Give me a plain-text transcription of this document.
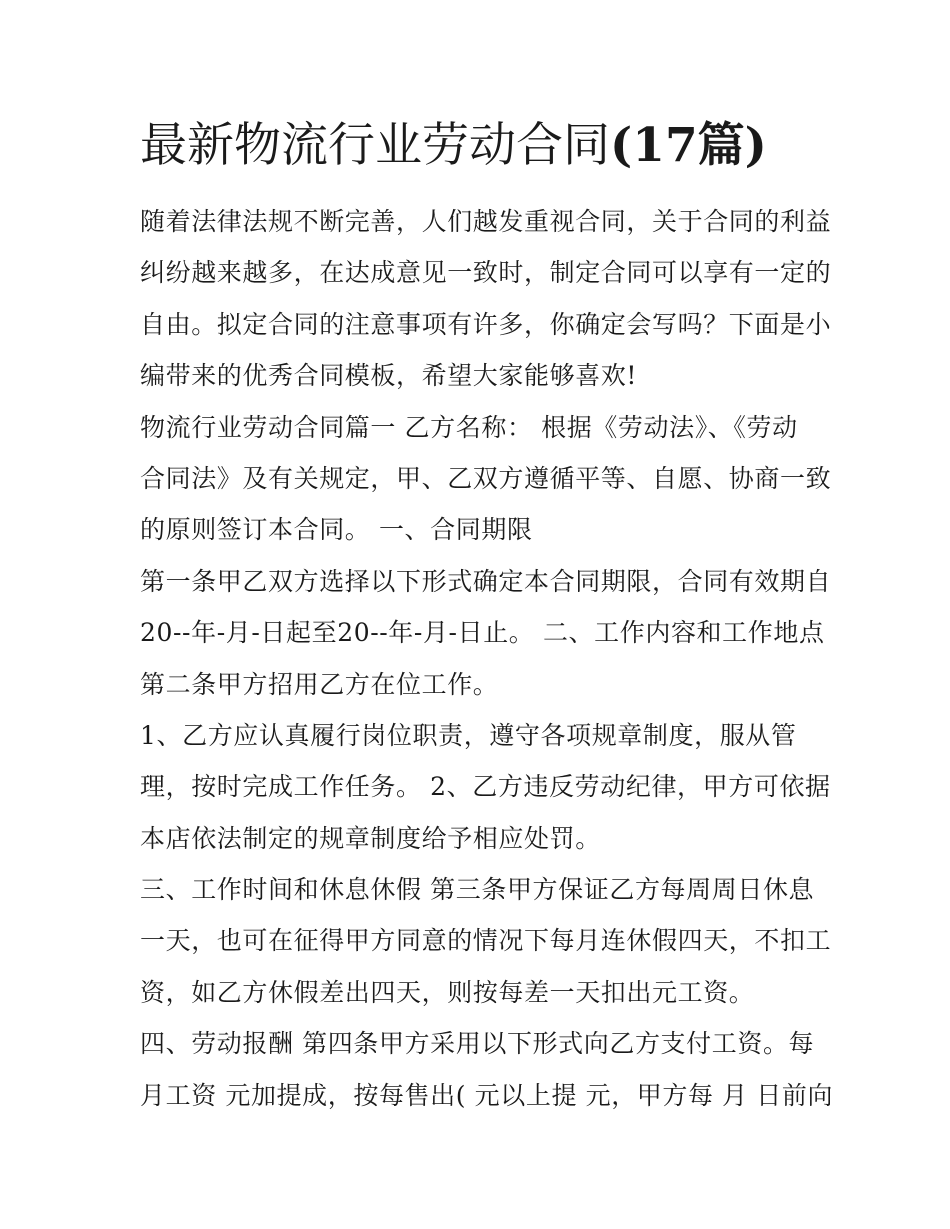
最新物流行业劳动合同(17篇)
随着法律法规不断完善，人们越发重视合同，关于合同的利益
纠纷越来越多，在达成意见一致时，制定合同可以享有一定的
自由。拟定合同的注意事项有许多，你确定会写吗？下面是小
编带来的优秀合同模板，希望大家能够喜欢!
物流行业劳动合同篇一 乙方名称： 根据《劳动法》、《劳动
合同法》及有关规定，甲、乙双方遵循平等、自愿、协商一致
的原则签订本合同。 一、合同期限
第一条甲乙双方选择以下形式确定本合同期限，合同有效期自
20--年-月-日起至20--年-月-日止。 二、工作内容和工作地点
第二条甲方招用乙方在位工作。
1、乙方应认真履行岗位职责，遵守各项规章制度，服从管
理，按时完成工作任务。 2、乙方违反劳动纪律，甲方可依据
本店依法制定的规章制度给予相应处罚。
三、工作时间和休息休假 第三条甲方保证乙方每周周日休息
一天，也可在征得甲方同意的情况下每月连休假四天，不扣工
资，如乙方休假差出四天，则按每差一天扣出元工资。
四、劳动报酬 第四条甲方采用以下形式向乙方支付工资。每
月工资 元加提成，按每售出( 元以上提 元，甲方每 月 日前向
